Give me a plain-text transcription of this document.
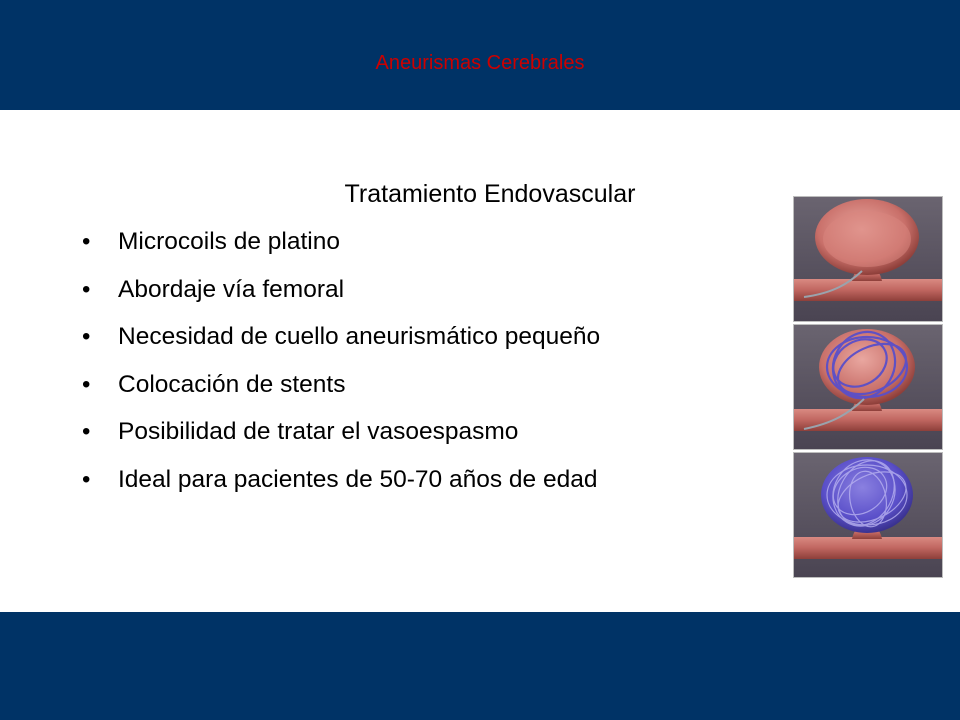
Aneurismas Cerebrales
Tratamiento Endovascular
• Microcoils de platino
• Abordaje vía femoral
• Necesidad de cuello aneurismático pequeño
• Colocación de stents
• Posibilidad de tratar el vasoespasmo
• Ideal para pacientes de 50-70 años de edad
